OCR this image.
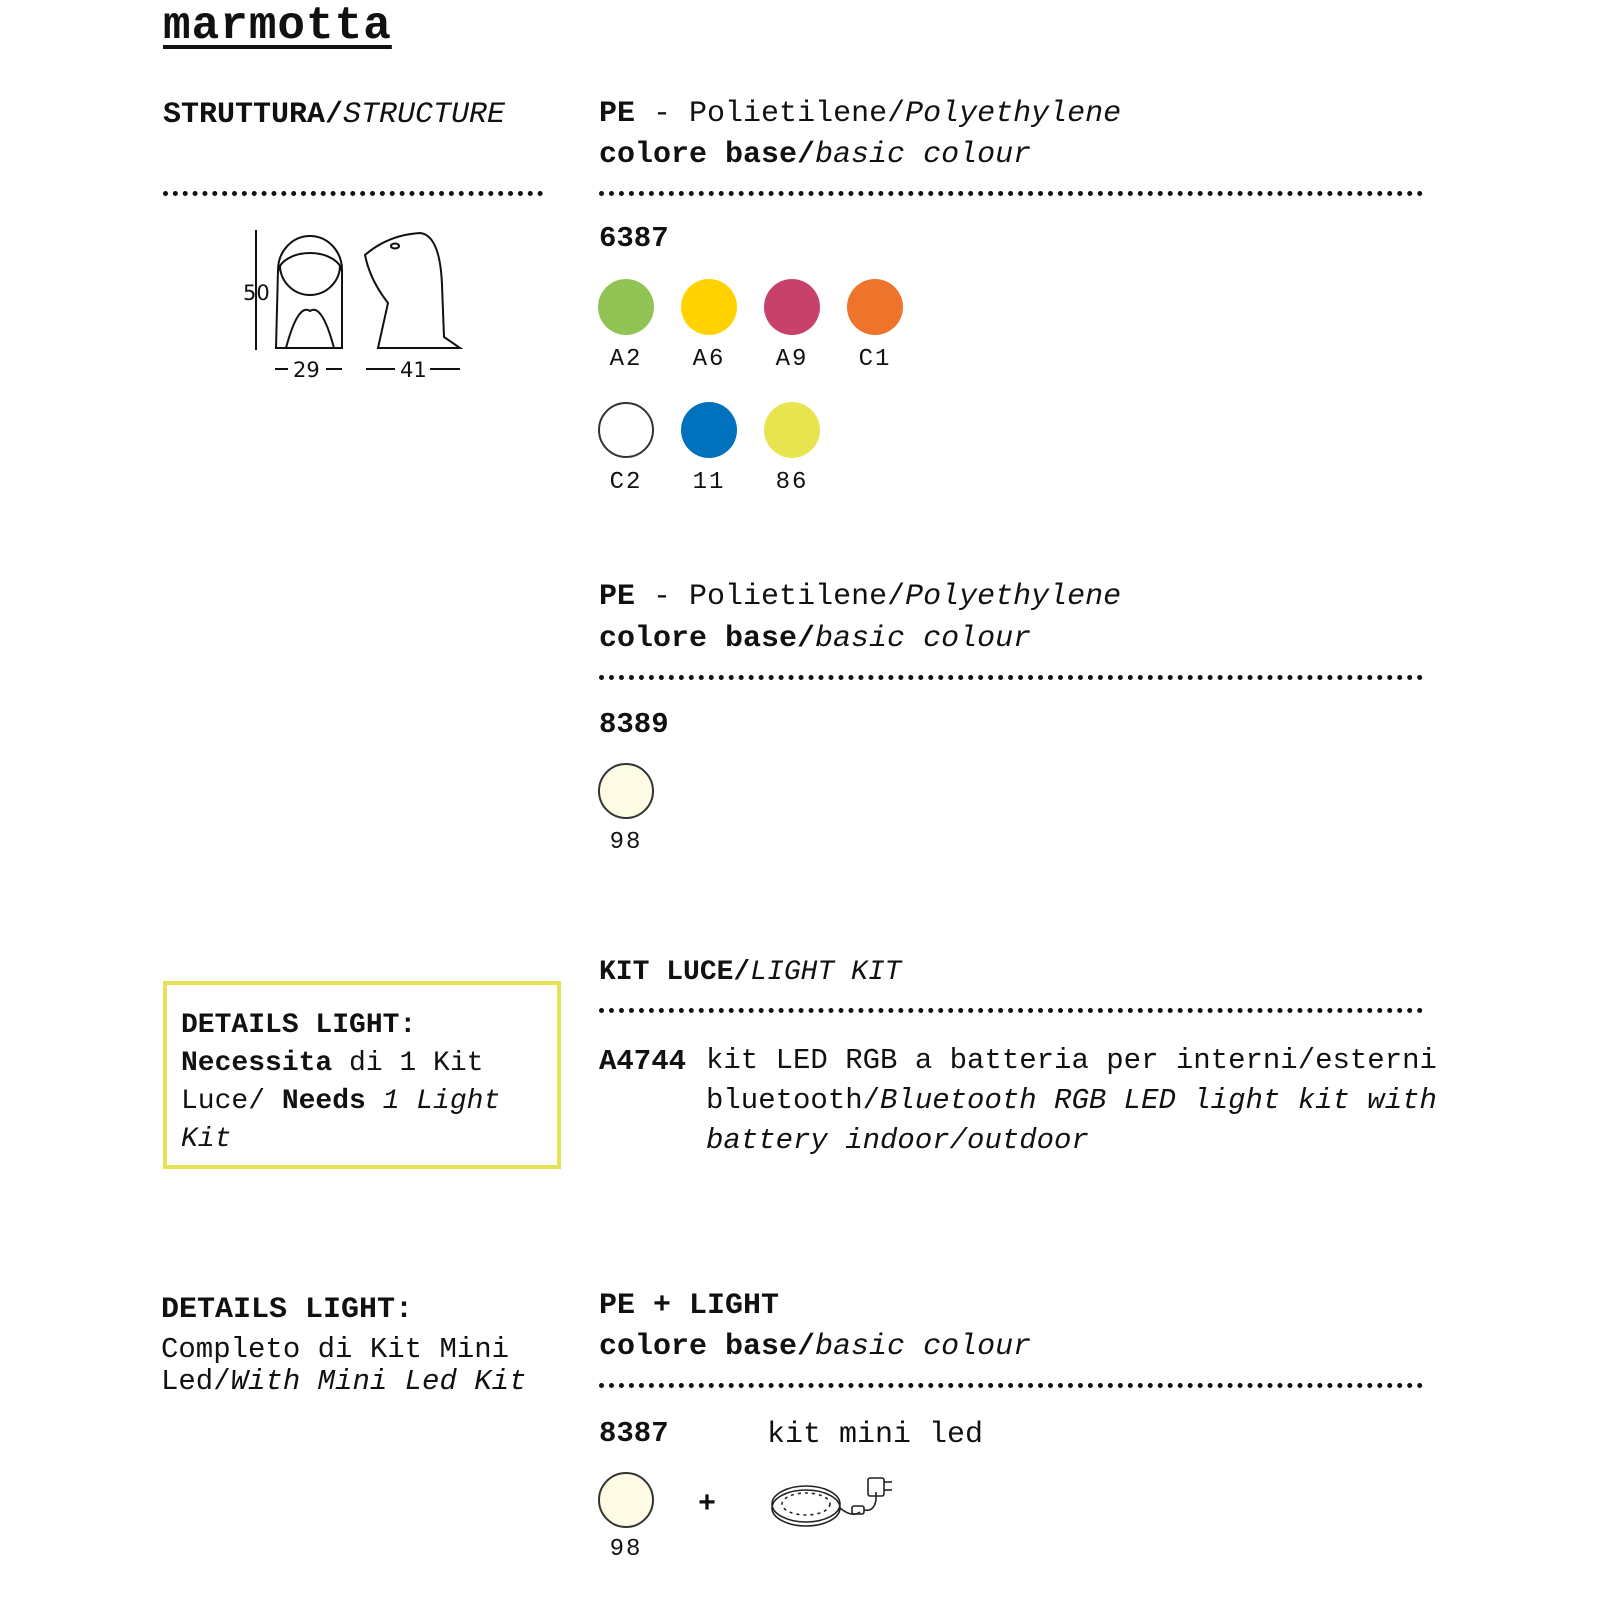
marmotta
STRUTTURA/STRUCTURE
50
29	41
PE - Polietilene/Polyethylene
colore base/basic colour
6387
A2	A6	A9	C1
C2	11	86
PE - Polietilene/Polyethylene
colore base/basic colour
8389
98
DETAILS LIGHT:
Necessita di 1 Kit
Luce/ Needs 1 Light
Kit
KIT LUCE/LIGHT KIT
A4744 kit LED RGB a batteria per interni/esterni
bluetooth/Bluetooth RGB LED light kit with
battery indoor/outdoor
DETAILS LIGHT:
Completo di Kit Mini
Led/With Mini Led Kit
PE + LIGHT
colore base/basic colour
8387	kit mini led
98
+
